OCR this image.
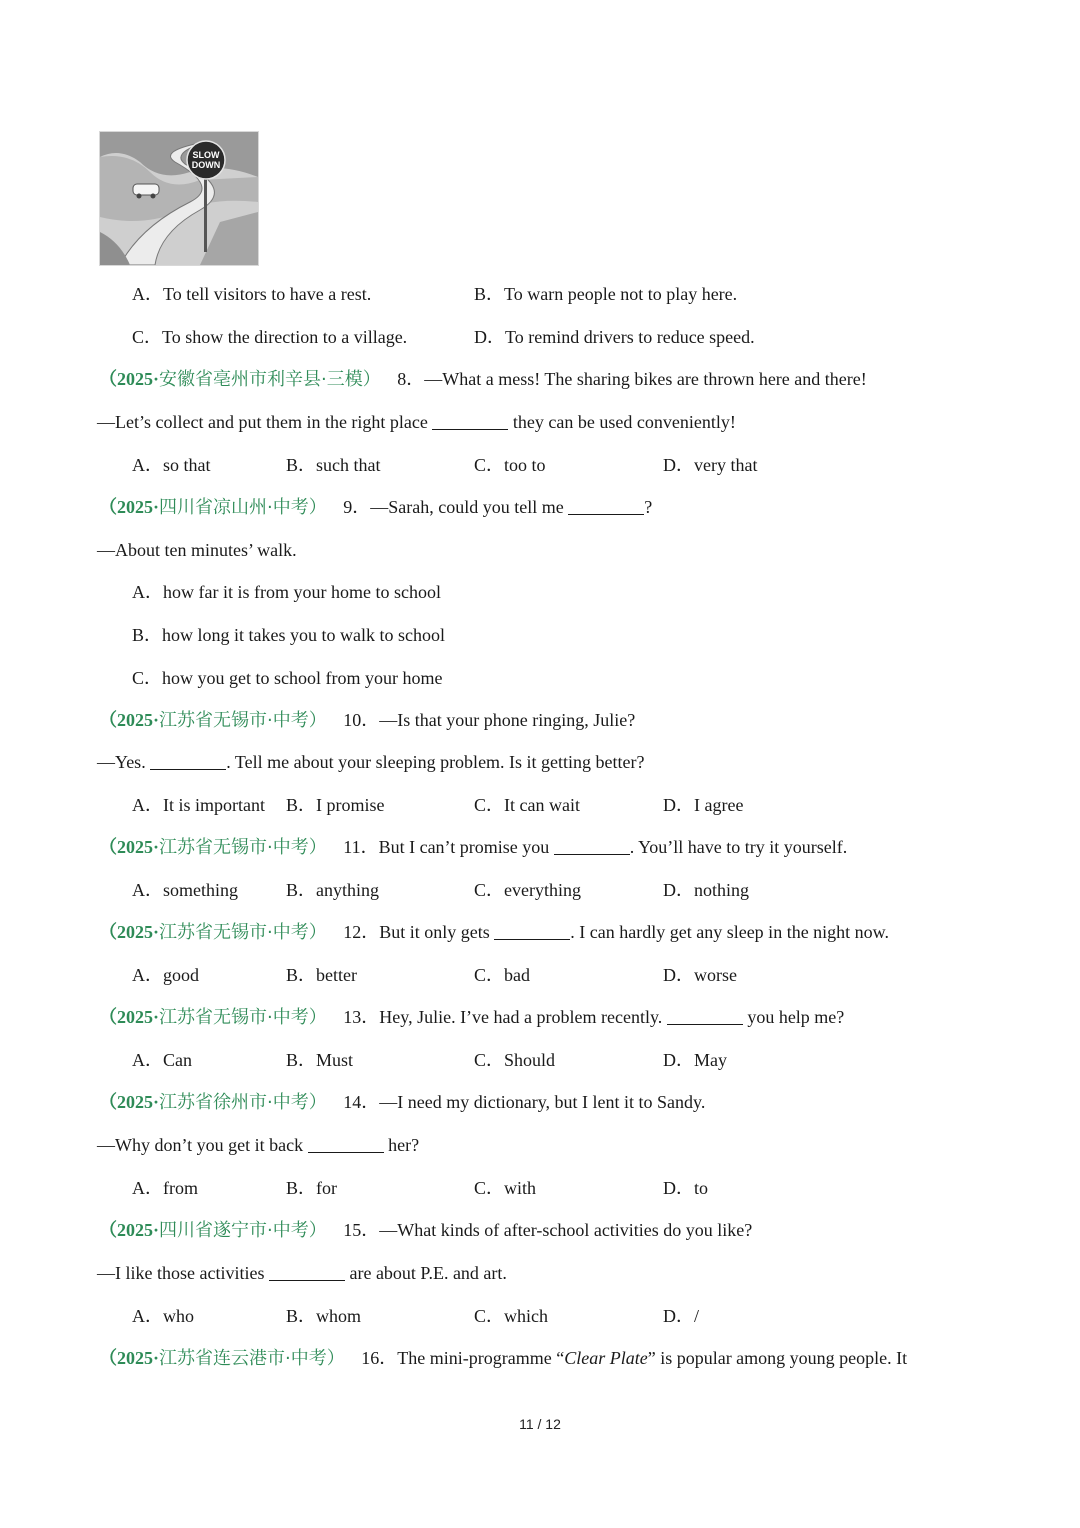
SLOW
DOWN
A．To tell visitors to have a rest.	B．To warn people not to play here.
C．To show the direction to a village.	D．To remind drivers to reduce speed.
（2025·安徽省亳州市利辛县·三模） 8．—What a mess! The sharing bikes are thrown here and there!
—Let’s collect and put them in the right place	they can be used conveniently!
A．so that	B．such that	C．too to	D．very that
（2025·四川省凉山州·中考） 9．—Sarah, could you tell me	?
—About ten minutes’ walk.
A．how far it is from your home to school
B．how long it takes you to walk to school
C．how you get to school from your home
（2025·江苏省无锡市·中考） 10．—Is that your phone ringing, Julie?
—Yes.	. Tell me about your sleeping problem. Is it getting better?
A．It is important B．I promise	C．It can wait	D．I agree
（2025·江苏省无锡市·中考） 11．But I can’t promise you	. You’ll have to try it yourself.
A．something	B．anything	C．everything	D．nothing
（2025·江苏省无锡市·中考） 12．But it only gets	. I can hardly get any sleep in the night now.
A．good	B．better	C．bad	D．worse
（2025·江苏省无锡市·中考） 13．Hey, Julie. I’ve had a problem recently.	you help me?
A．Can	B．Must	C．Should	D．May
（2025·江苏省徐州市·中考） 14．—I need my dictionary, but I lent it to Sandy.
—Why don’t you get it back	her?
A．from	B．for	C．with	D．to
（2025·四川省遂宁市·中考） 15．—What kinds of after-school activities do you like?
—I like those activities	are about P.E. and art.
A．who	B．whom	C．which	D．/
（2025·江苏省连云港市·中考） 16．The mini-programme “Clear Plate” is popular among young people. It
11 / 12
